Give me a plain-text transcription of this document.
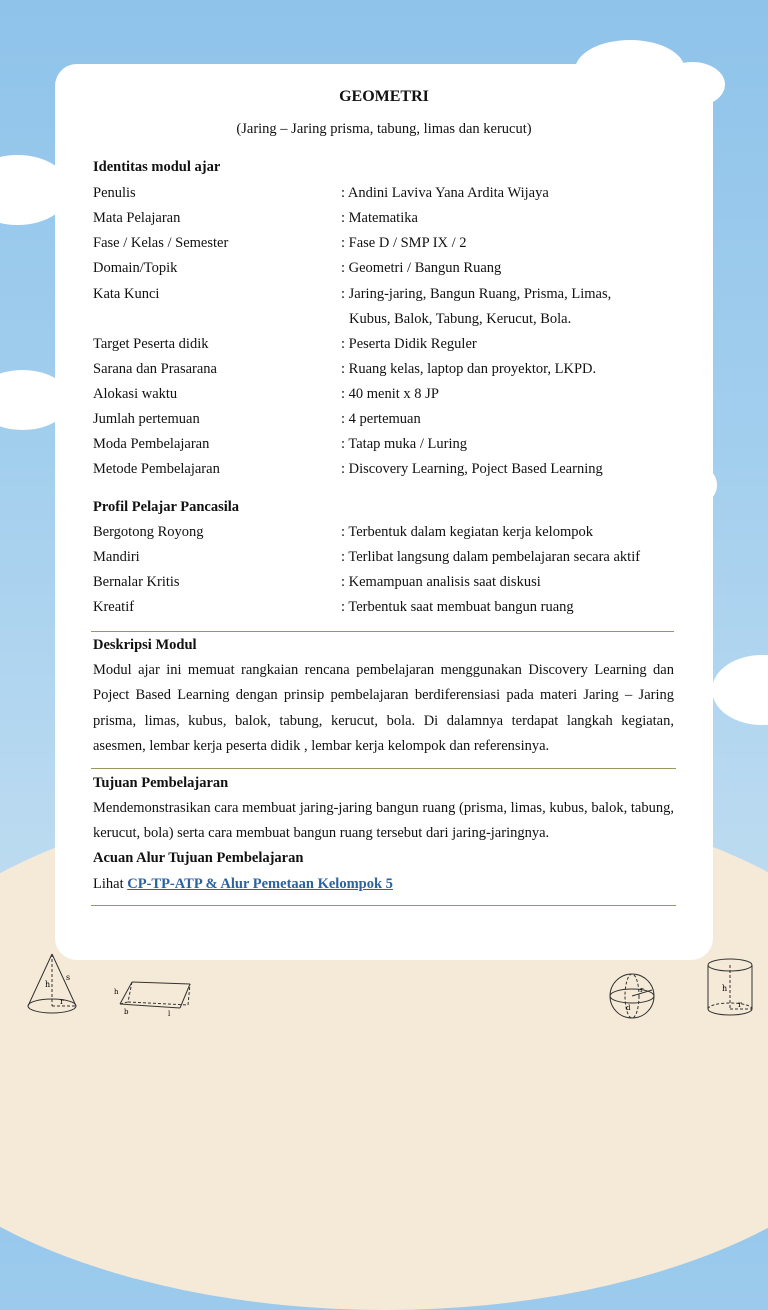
GEOMETRI
(Jaring – Jaring prisma, tabung, limas dan kerucut)
Identitas modul ajar
Penulis	: Andini Laviva Yana Ardita Wijaya
Mata Pelajaran	: Matematika
Fase / Kelas / Semester	: Fase D / SMP IX / 2
Domain/Topik	: Geometri / Bangun Ruang
Kata Kunci	: Jaring-jaring, Bangun Ruang, Prisma, Limas,
Kubus, Balok, Tabung, Kerucut, Bola.
Target Peserta didik	: Peserta Didik Reguler
Sarana dan Prasarana	: Ruang kelas, laptop dan proyektor, LKPD.
Alokasi waktu	: 40 menit x 8 JP
Jumlah pertemuan	: 4 pertemuan
Moda Pembelajaran	: Tatap muka / Luring
Metode Pembelajaran	: Discovery Learning, Poject Based Learning
Profil Pelajar Pancasila
Bergotong Royong	: Terbentuk dalam kegiatan kerja kelompok
Mandiri	: Terlibat langsung dalam pembelajaran secara aktif
Bernalar Kritis	: Kemampuan analisis saat diskusi
Kreatif	: Terbentuk saat membuat bangun ruang
Deskripsi Modul
Modul ajar ini memuat rangkaian rencana pembelajaran menggunakan Discovery Learning dan Poject Based Learning dengan prinsip pembelajaran berdiferensiasi pada materi Jaring – Jaring prisma, limas, kubus, balok, tabung, kerucut, bola. Di dalamnya terdapat langkah kegiatan, asesmen, lembar kerja peserta didik , lembar kerja kelompok dan referensinya.
Tujuan Pembelajaran
Mendemonstrasikan cara membuat jaring-jaring bangun ruang (prisma, limas, kubus, balok, tabung, kerucut, bola) serta cara membuat bangun ruang tersebut dari jaring-jaringnya.
Acuan Alur Tujuan Pembelajaran
Lihat CP-TP-ATP & Alur Pemetaan Kelompok 5
s
h
r
h
b	l
r
d
h
r
